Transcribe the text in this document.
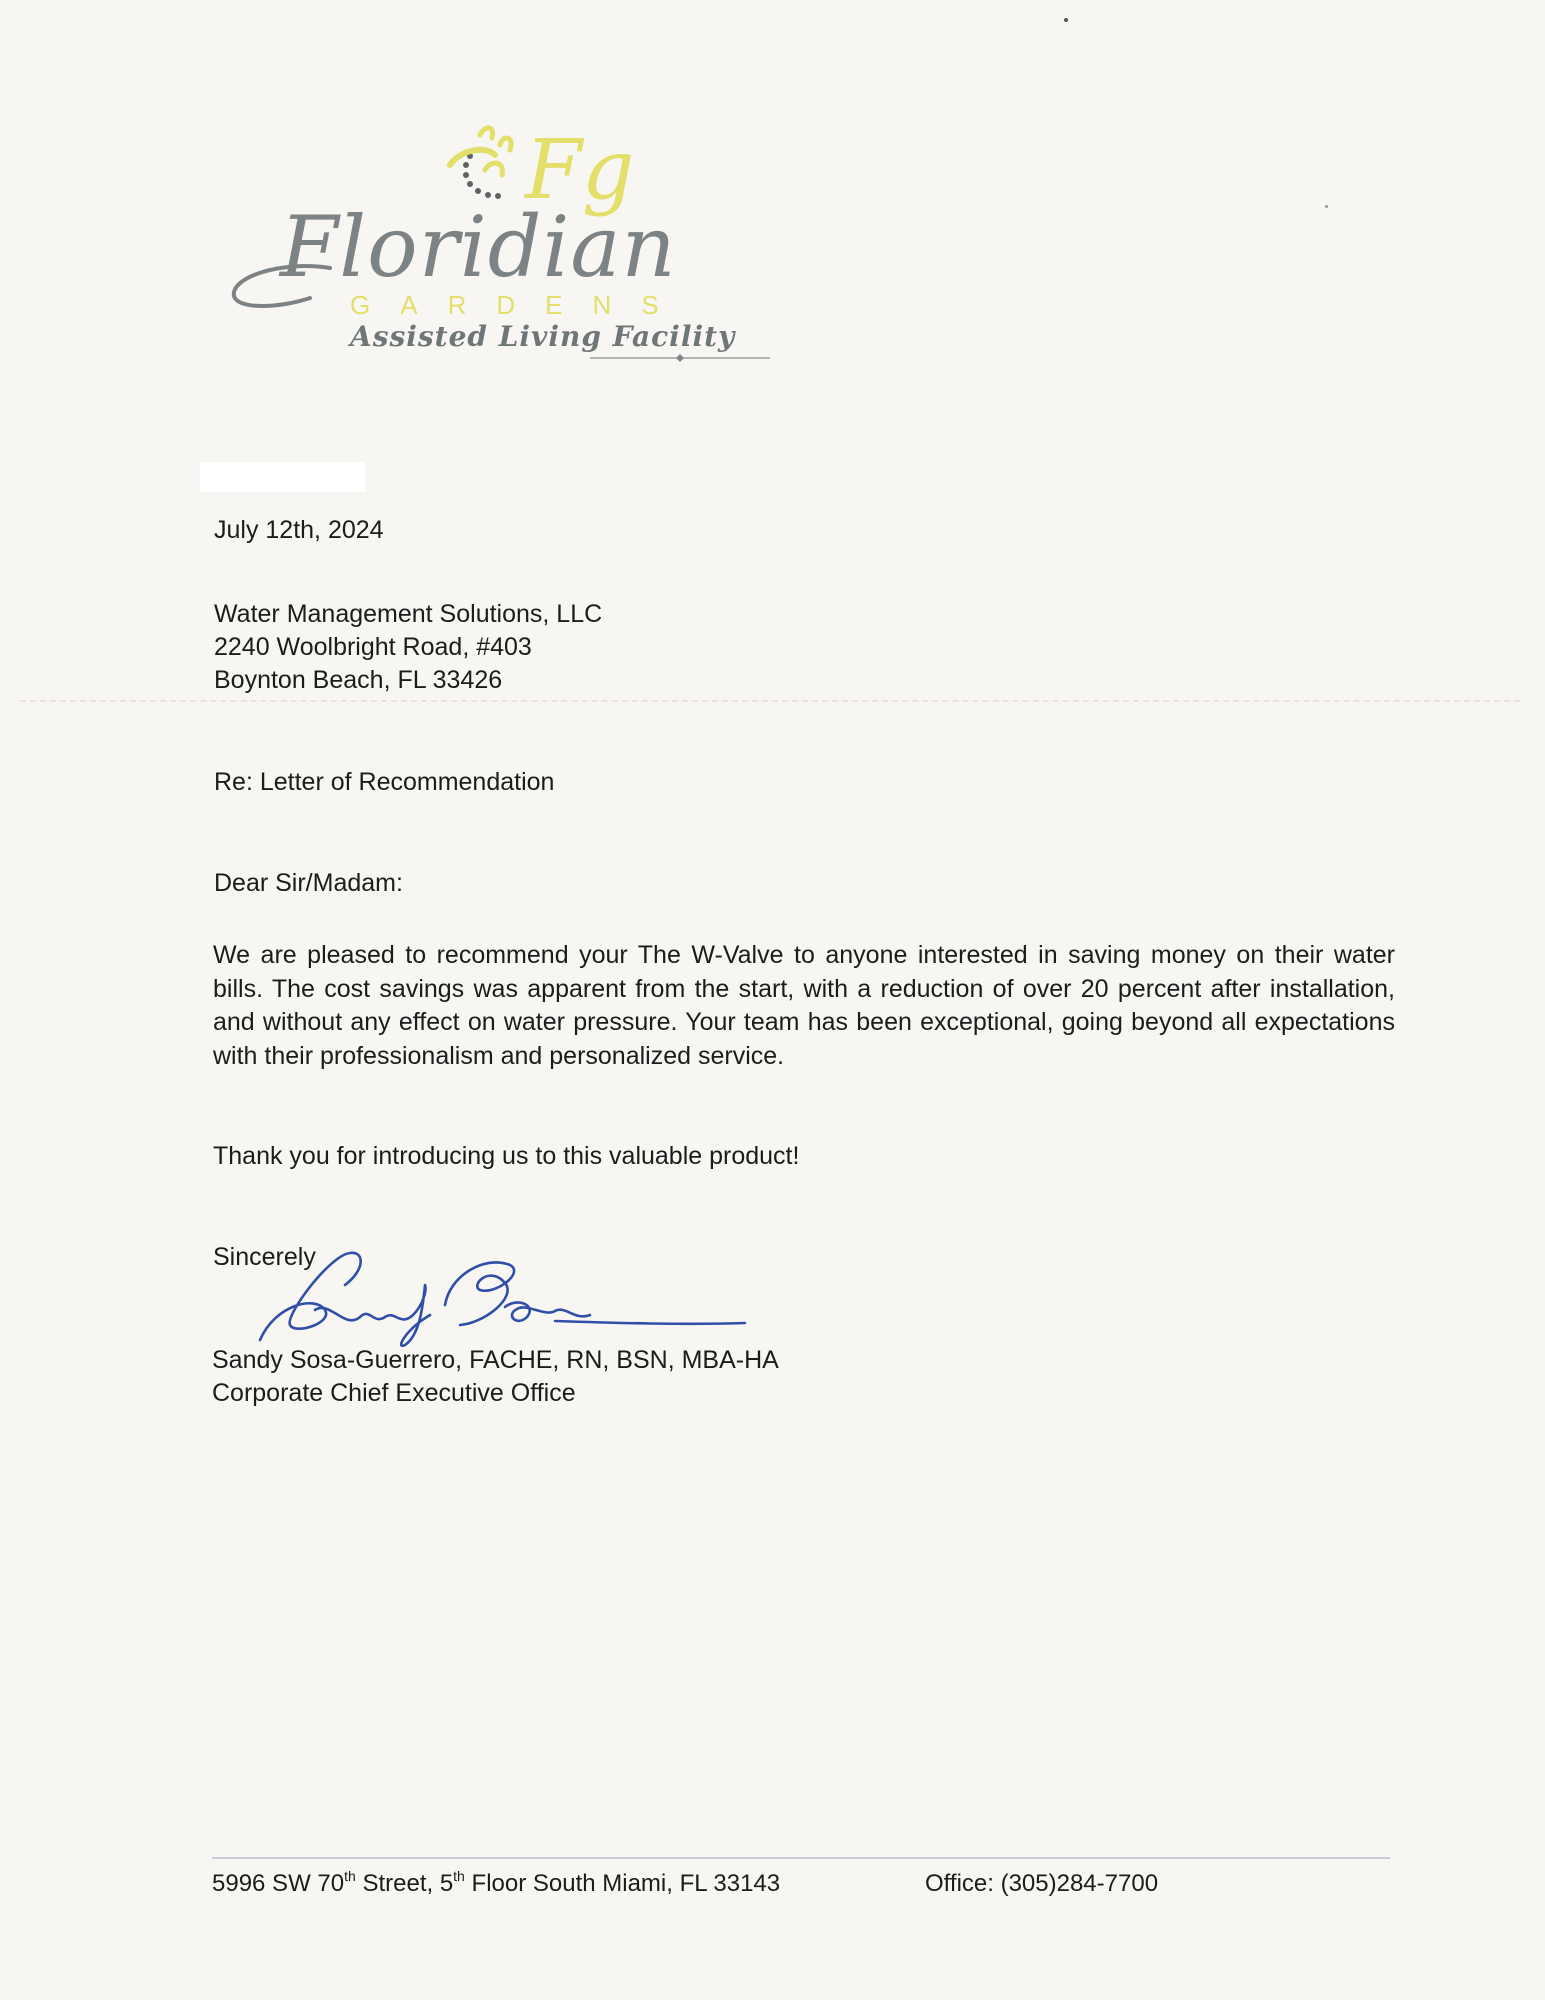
Fg
Floridian
GARDENS
Assisted Living Facility
July 12th, 2024
Water Management Solutions, LLC
2240 Woolbright Road, #403
Boynton Beach, FL 33426
Re: Letter of Recommendation
Dear Sir/Madam:
We are pleased to recommend your The W-Valve to anyone interested in saving money on their water bills. The cost savings was apparent from the start, with a reduction of over 20 percent after installation, and without any effect on water pressure. Your team has been exceptional, going beyond all expectations with their professionalism and personalized service.
Thank you for introducing us to this valuable product!
Sincerely
Sandy Sosa-Guerrero, FACHE, RN, BSN, MBA-HA
Corporate Chief Executive Office
5996 SW 70th Street, 5th Floor South Miami, FL 33143	Office: (305)284-7700
